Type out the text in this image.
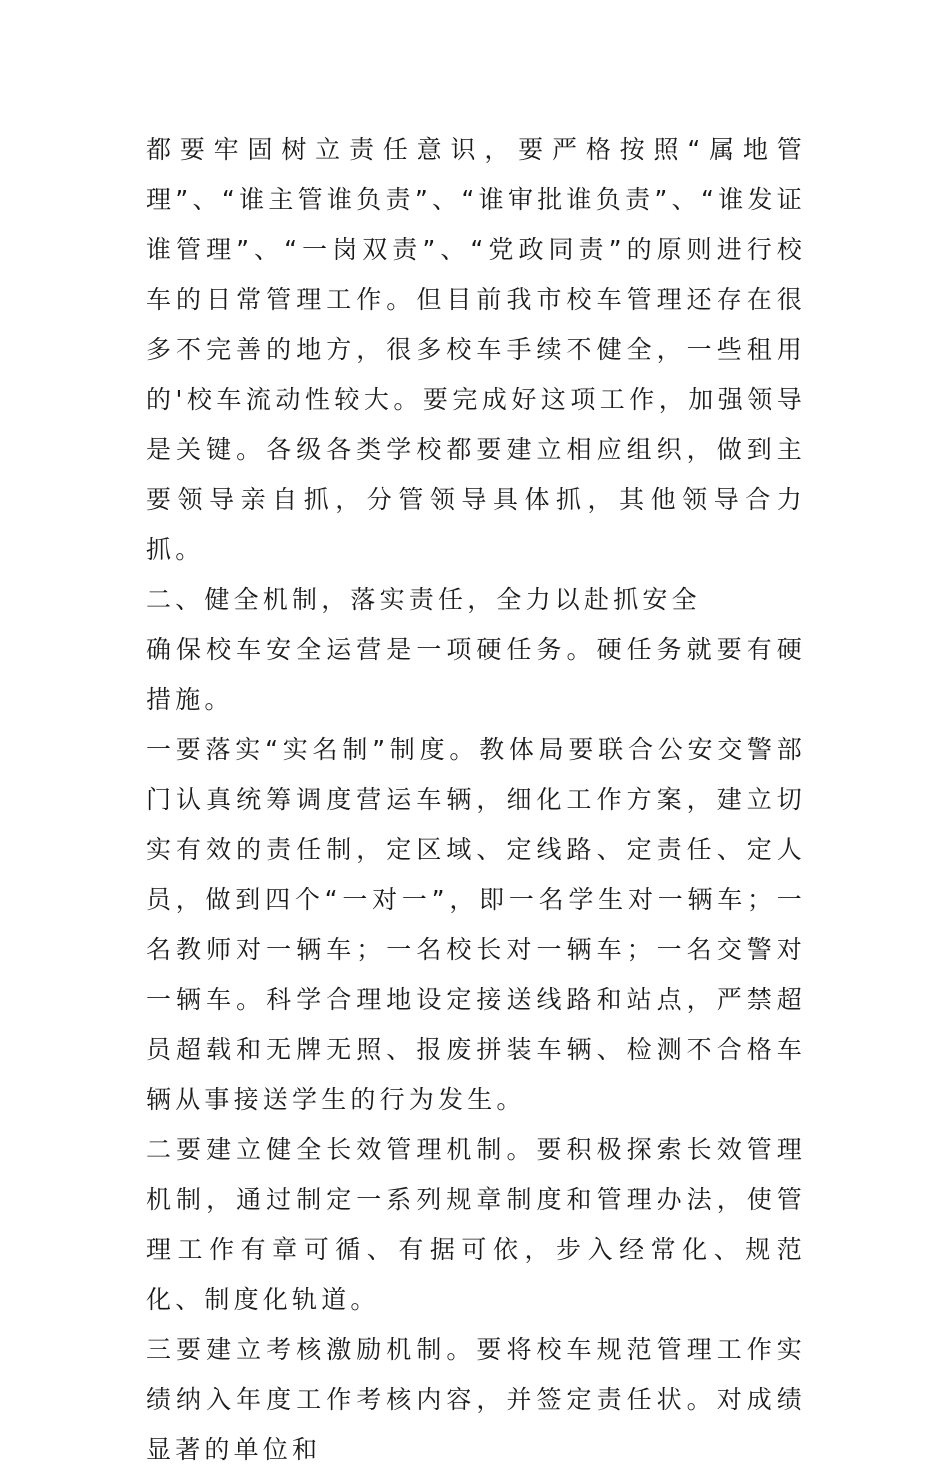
都要牢固树立责任意识，要严格按照“属地管理”、“谁主管谁负责”、“谁审批谁负责”、“谁发证谁管理”、“一岗双责”、“党政同责”的原则进行校车的日常管理工作。但目前我市校车管理还存在很多不完善的地方，很多校车手续不健全，一些租用的'校车流动性较大。要完成好这项工作，加强领导是关键。各级各类学校都要建立相应组织，做到主要领导亲自抓，分管领导具体抓，其他领导合力抓。

二、健全机制，落实责任，全力以赴抓安全

确保校车安全运营是一项硬任务。硬任务就要有硬措施。

一要落实“实名制”制度。教体局要联合公安交警部门认真统筹调度营运车辆，细化工作方案，建立切实有效的责任制，定区域、定线路、定责任、定人员，做到四个“一对一”，即一名学生对一辆车；一名教师对一辆车；一名校长对一辆车；一名交警对一辆车。科学合理地设定接送线路和站点，严禁超员超载和无牌无照、报废拼装车辆、检测不合格车辆从事接送学生的行为发生。

二要建立健全长效管理机制。要积极探索长效管理机制，通过制定一系列规章制度和管理办法，使管理工作有章可循、有据可依，步入经常化、规范化、制度化轨道。

三要建立考核激励机制。要将校车规范管理工作实绩纳入年度工作考核内容，并签定责任状。对成绩显著的单位和
